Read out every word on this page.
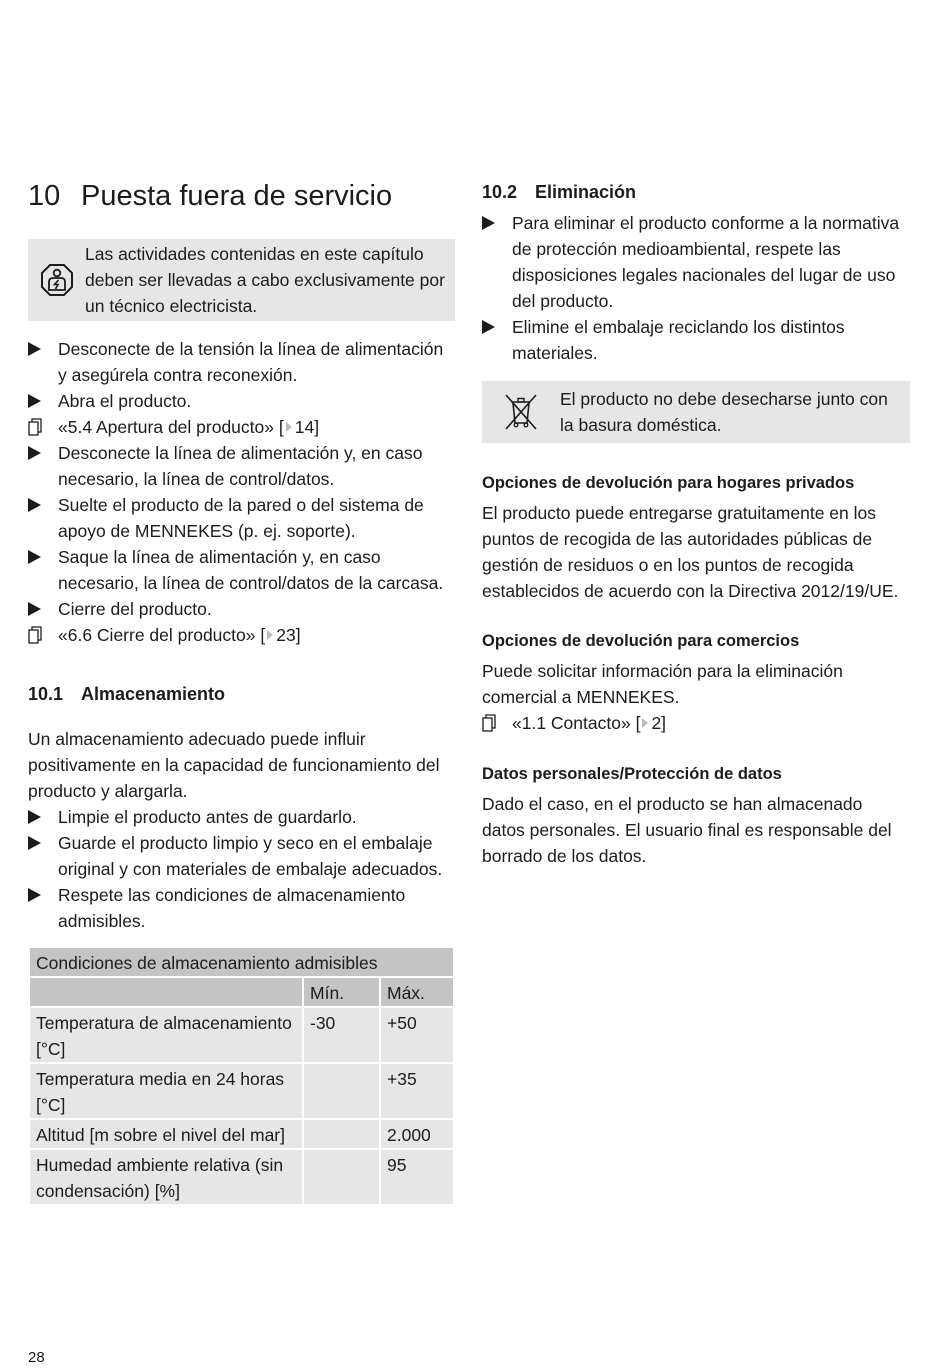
10 Puesta fuera de servicio
Las actividades contenidas en este capítulo deben ser llevadas a cabo exclusivamente por un técnico electricista.
Desconecte de la tensión la línea de alimentación y asegúrela contra reconexión.
Abra el producto.
«5.4 Apertura del producto» [ 14]
Desconecte la línea de alimentación y, en caso necesario, la línea de control/datos.
Suelte el producto de la pared o del sistema de apoyo de MENNEKES (p. ej. soporte).
Saque la línea de alimentación y, en caso necesario, la línea de control/datos de la carcasa.
Cierre del producto.
«6.6 Cierre del producto» [ 23]
10.1 Almacenamiento

Un almacenamiento adecuado puede influir positivamente en la capacidad de funcionamiento del producto y alargarla.

Limpie el producto antes de guardarlo.
Guarde el producto limpio y seco en el embalaje original y con materiales de embalaje adecuados.
Respete las condiciones de almacenamiento admisibles.
Condiciones de almacenamiento admisibles		
	Mín.	Máx.
Temperatura de almacenamiento [°C]	-30	+50
Temperatura media en 24 horas [°C]		+35
Altitud [m sobre el nivel del mar]		2.000
Humedad ambiente relativa (sin condensación) [%]		95
10.2 Eliminación
Para eliminar el producto conforme a la normativa de protección medioambiental, respete las disposiciones legales nacionales del lugar de uso del producto.
Elimine el embalaje reciclando los distintos materiales.
El producto no debe desecharse junto con la basura doméstica.
Opciones de devolución para hogares privados

El producto puede entregarse gratuitamente en los puntos de recogida de las autoridades públicas de gestión de residuos o en los puntos de recogida establecidos de acuerdo con la Directiva 2012/19/UE.

Opciones de devolución para comercios

Puede solicitar información para la eliminación comercial a MENNEKES.

«1.1 Contacto» [ 2]
Datos personales/Protección de datos

Dado el caso, en el producto se han almacenado datos personales. El usuario final es responsable del borrado de los datos.

28
